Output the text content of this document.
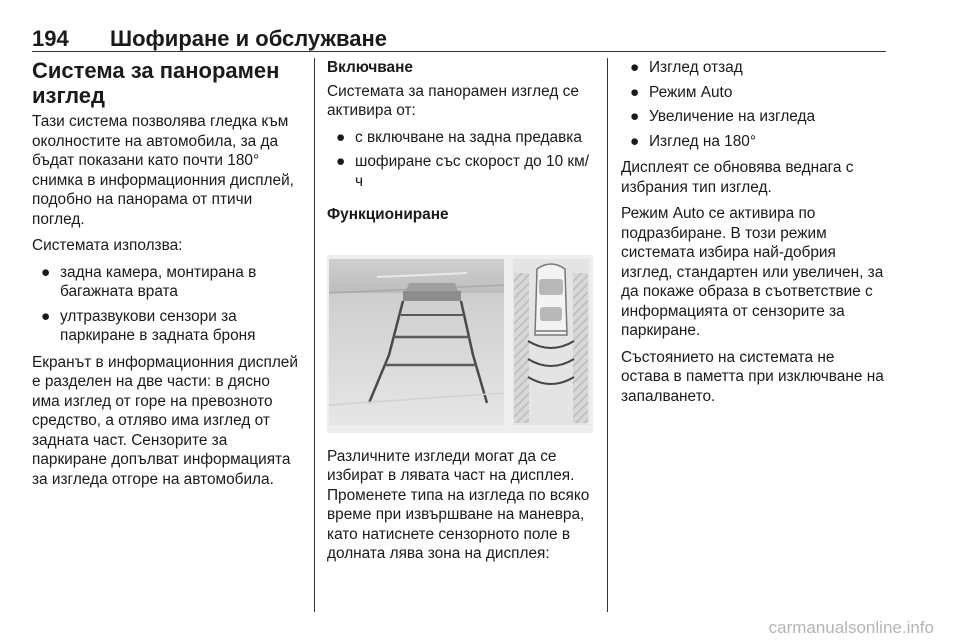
194 Шофиране и обслужване
Система за панорамен изглед

Тази система позволява гледка към околностите на автомобила, за да бъдат показани като почти 180° снимка в информационния дисплей, подобно на панорама от птичи поглед.

Системата използва:

● задна камера, монтирана в багажната врата
● ултразвукови сензори за паркиране в задната броня

Екранът в информационния дисплей е разделен на две части: в дясно има изглед от горе на превозното средство, а отляво има изглед от задната част. Сензорите за паркиране допълват информацията за изгледа отгоре на автомобила.

Включване

Системата за панорамен изглед се активира от:

● с включване на задна предавка
● шофиране със скорост до 10 км/ч
Функциониране

Различните изгледи могат да се избират в лявата част на дисплея. Променете типа на изгледа по всяко време при извършване на маневра, като натиснете сензорното поле в долната лява зона на дисплея:

● Изглед отзад
● Режим Auto
● Увеличение на изгледа
● Изглед на 180°

Дисплеят се обновява веднага с избрания тип изглед.

Режим Auto се активира по подразбиране. В този режим системата избира най-добрия изглед, стандартен или увеличен, за да покаже образа в съответствие с информацията от сензорите за паркиране.

Състоянието на системата не остава в паметта при изключване на запалването.

carmanualsonline.info
